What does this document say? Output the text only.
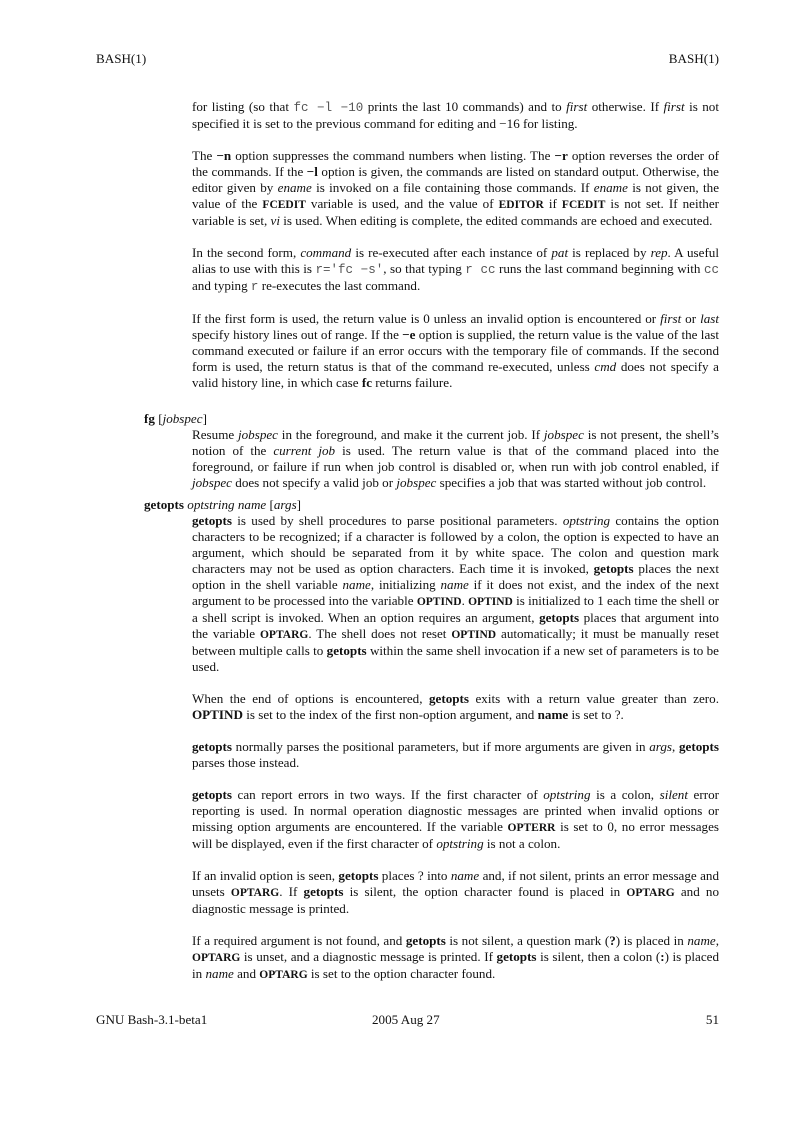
BASH(1)	BASH(1)

for listing (so that fc −l −10 prints the last 10 commands) and to first otherwise. If first is not specified it is set to the previous command for editing and −16 for listing.

The −n option suppresses the command numbers when listing. The −r option reverses the order of the commands. If the −l option is given, the commands are listed on standard output. Otherwise, the editor given by ename is invoked on a file containing those commands. If ename is not given, the value of the FCEDIT variable is used, and the value of EDITOR if FCEDIT is not set. If neither variable is set, vi is used. When editing is complete, the edited commands are echoed and executed.

In the second form, command is re-executed after each instance of pat is replaced by rep. A useful alias to use with this is r=′fc −s′, so that typing r cc runs the last command beginning with cc and typing r re-executes the last command.

If the first form is used, the return value is 0 unless an invalid option is encountered or first or last specify history lines out of range. If the −e option is supplied, the return value is the value of the last command executed or failure if an error occurs with the temporary file of commands. If the second form is used, the return status is that of the command re-executed, unless cmd does not specify a valid history line, in which case fc returns failure.

fg [jobspec]

Resume jobspec in the foreground, and make it the current job. If jobspec is not present, the shell’s notion of the current job is used. The return value is that of the command placed into the foreground, or failure if run when job control is disabled or, when run with job control enabled, if jobspec does not specify a valid job or jobspec specifies a job that was started without job control.

getopts optstring name [args]

getopts is used by shell procedures to parse positional parameters. optstring contains the option characters to be recognized; if a character is followed by a colon, the option is expected to have an argument, which should be separated from it by white space. The colon and question mark characters may not be used as option characters. Each time it is invoked, getopts places the next option in the shell variable name, initializing name if it does not exist, and the index of the next argument to be processed into the variable OPTIND. OPTIND is initialized to 1 each time the shell or a shell script is invoked. When an option requires an argument, getopts places that argument into the variable OPTARG. The shell does not reset OPTIND automatically; it must be manually reset between multiple calls to getopts within the same shell invocation if a new set of parameters is to be used.

When the end of options is encountered, getopts exits with a return value greater than zero. OPTIND is set to the index of the first non-option argument, and name is set to ?.

getopts normally parses the positional parameters, but if more arguments are given in args, getopts parses those instead.

getopts can report errors in two ways. If the first character of optstring is a colon, silent error reporting is used. In normal operation diagnostic messages are printed when invalid options or missing option arguments are encountered. If the variable OPTERR is set to 0, no error messages will be displayed, even if the first character of optstring is not a colon.

If an invalid option is seen, getopts places ? into name and, if not silent, prints an error message and unsets OPTARG. If getopts is silent, the option character found is placed in OPTARG and no diagnostic message is printed.

If a required argument is not found, and getopts is not silent, a question mark (?) is placed in name, OPTARG is unset, and a diagnostic message is printed. If getopts is silent, then a colon (:) is placed in name and OPTARG is set to the option character found.

GNU Bash-3.1-beta1	2005 Aug 27	51
